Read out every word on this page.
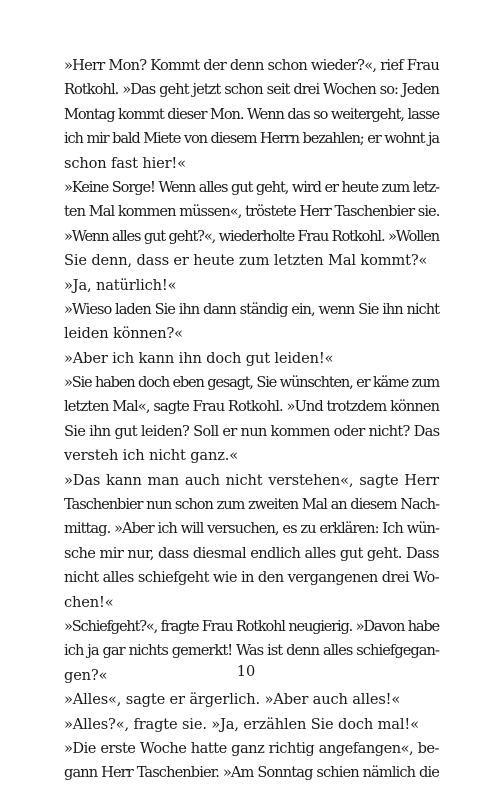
»Herr Mon? Kommt der denn schon wieder?«, rief Frau
Rotkohl. »Das geht jetzt schon seit drei Wochen so: Jeden
Montag kommt dieser Mon. Wenn das so weitergeht, lasse
ich mir bald Miete von diesem Herrn bezahlen; er wohnt ja
schon fast hier!«
»Keine Sorge! Wenn alles gut geht, wird er heute zum letz-
ten Mal kommen müssen«, tröstete Herr Taschenbier sie.
»Wenn alles gut geht?«, wiederholte Frau Rotkohl. »Wollen
Sie denn, dass er heute zum letzten Mal kommt?«
»Ja, natürlich!«
»Wieso laden Sie ihn dann ständig ein, wenn Sie ihn nicht
leiden können?«
»Aber ich kann ihn doch gut leiden!«
»Sie haben doch eben gesagt, Sie wünschten, er käme zum
letzten Mal«, sagte Frau Rotkohl. »Und trotzdem können
Sie ihn gut leiden? Soll er nun kommen oder nicht? Das
versteh ich nicht ganz.«
»Das kann man auch nicht verstehen«, sagte Herr
Taschenbier nun schon zum zweiten Mal an diesem Nach-
mittag. »Aber ich will versuchen, es zu erklären: Ich wün-
sche mir nur, dass diesmal endlich alles gut geht. Dass
nicht alles schiefgeht wie in den vergangenen drei Wo-
chen!«
»Schiefgeht?«, fragte Frau Rotkohl neugierig. »Davon habe
ich ja gar nichts gemerkt! Was ist denn alles schiefgegan-
gen?«
»Alles«, sagte er ärgerlich. »Aber auch alles!«
»Alles?«, fragte sie. »Ja, erzählen Sie doch mal!«
»Die erste Woche hatte ganz richtig angefangen«, be-
gann Herr Taschenbier. »Am Sonntag schien nämlich die
10
